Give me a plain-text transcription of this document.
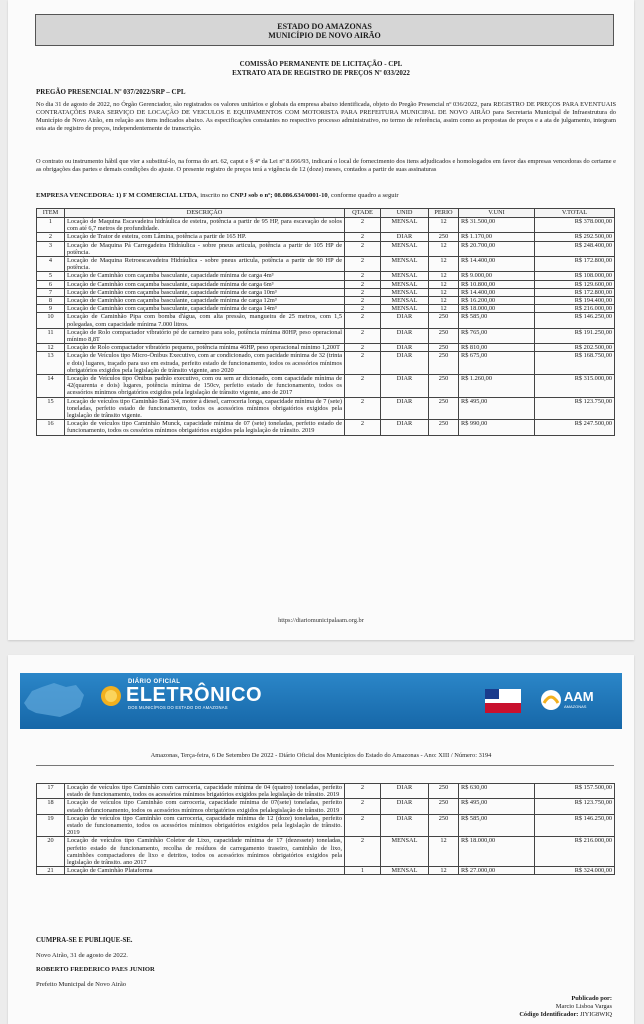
ESTADO DO AMAZONAS
MUNICÍPIO DE NOVO AIRÃO
COMISSÃO PERMANENTE DE LICITAÇÃO - CPL
EXTRATO ATA DE REGISTRO DE PREÇOS Nº 033/2022
PREGÃO PRESENCIAL Nº 037/2022/SRP – CPL
No dia 31 de agosto de 2022, no Órgão Gerenciador, são registrados os valores unitários e globais da empresa abaixo identificada, objeto do Pregão Presencial nº 036/2022, para REGISTRO DE PREÇOS PARA EVENTUAIS CONTRATAÇÕES PARA SERVIÇO DE LOCAÇÃO DE VEICULOS E EQUIPAMENTOS COM MOTORISTA PARA PREFEITURA MUNICIPAL DE NOVO AIRÃO para Secretaria Municipal de Infraestrutura do Município de Novo Airão, em relação aos itens indicados abaixo. As especificações constantes no respectivo processo administrativo, no termo de referência, assim como as propostas de preços e a ata de julgamento, integram esta ata de registro de preços, independentemente de transcrição.
O contrato ou instrumento hábil que vier a substituí-lo, na forma do art. 62, caput e § 4º da Lei nº 8.666/93, indicará o local de fornecimento dos itens adjudicados e homologados em favor das empresas vencedoras do certame e as obrigações das partes e demais condições do ajuste. O presente registro de preços terá a vigência de 12 (doze) meses, contados a partir de suas assinaturas
EMPRESA VENCEDORA: 1) F M COMERCIAL LTDA, inscrito no CNPJ sob o nº; 08.086.634/0001-10, conforme quadro a seguir
ITEM	DESCRIÇÃO	QTADE	UNID	PERIO	V.UNI	V.TOTAL
1	Locação de Maquina Escavadeira hidráulica de esteira, potência a partir de 95 HP, para escavação de solos com até 6,7 metros de profundidade.	2	MENSAL	12	R$ 31.500,00	R$ 378.000,00
2	Locação de Trator de esteira, com Lâmina, potência a partir de 165 HP.	2	DIAR	250	R$ 1.170,00	R$ 292.500,00
3	Locação de Maquina Pá Carregadeira Hidráulica - sobre pneus articula, potência a partir de 105 HP de potência.	2	MENSAL	12	R$ 20.700,00	R$ 248.400,00
4	Locação de Maquina Retroescavadeira Hidráulica - sobre pneus articula, potência a partir de 90 HP de potência.	2	MENSAL	12	R$ 14.400,00	R$ 172.800,00
5	Locação de Caminhão com caçamba basculante, capacidade mínima de carga 4m³	2	MENSAL	12	R$ 9.000,00	R$ 108.000,00
6	Locação de Caminhão com caçamba basculante, capacidade mínima de carga 6m³	2	MENSAL	12	R$ 10.800,00	R$ 129.600,00
7	Locação de Caminhão com caçamba basculante, capacidade mínima de carga 10m³	2	MENSAL	12	R$ 14.400,00	R$ 172.800,00
8	Locação de Caminhão com caçamba basculante, capacidade mínima de carga 12m³	2	MENSAL	12	R$ 16.200,00	R$ 194.400,00
9	Locação de Caminhão com caçamba basculante, capacidade mínima de carga 14m³	2	MENSAL	12	R$ 18.000,00	R$ 216.000,00
10	Locação de Caminhão Pipa com bomba d'água, com alta pressão, mangueira de 25 metros, com 1,5 polegadas, com capacidade mínima 7.000 litros.	2	DIAR	250	R$ 585,00	R$ 146.250,00
11	Locação de Rolo compactador vibratório pé de carneiro para solo, potência mínima 80HP, peso operacional mínimo 8,8T	2	DIAR	250	R$ 765,00	R$ 191.250,00
12	Locação de Rolo compactador vibratório pequeno, potência mínima 46HP, peso operacional mínimo 1,200T	2	DIAR	250	R$ 810,00	R$ 202.500,00
13	Locação de Veículos tipo Micro-Ônibus Executivo, com ar condicionado, com pacidade mínima de 32 (trinta e dois) lugares, traçado para uso em estrada, perfeito estado de funcionamento, todos os acessórios mínimos obrigatórios exigidos pela legislação de trânsito vigente, ano 2020	2	DIAR	250	R$ 675,00	R$ 168.750,00
14	Locação de Veículos tipo Ônibus padrão executivo, com ou sem ar dicionado, com capacidade mínima de 42(quarenta e dois) lugares, potência mínima de 150cv, perfeito estado de funcionamento, todos os acessórios mínimos obrigatórios exigidos pela legislação de trânsito vigente, ano de 2017	2	DIAR	250	R$ 1.260,00	R$ 315.000,00
15	Locação de veículos tipo Caminhão Baú 3/4, motor à diesel, carroceria longa, capacidade mínima de 7 (sete) toneladas, perfeito estado de funcionamento, todos os acessórios mínimos obrigatórios exigidos pela legislação de trânsito vigente.	2	DIAR	250	R$ 495,00	R$ 123.750,00
16	Locação de veículos tipo Caminhão Munck, capacidade mínima de 07 (sete) toneladas, perfeito estado de funcionamento, todos os cessórios mínimos obrigatórios exigidos pela legislação de trânsito. 2019	2	DIAR	250	R$ 990,00	R$ 247.500,00
https://diariomunicipalaam.org.br
DIÁRIO OFICIAL
ELETRÔNICO
DOS MUNICÍPIOS DO ESTADO DO AMAZONAS
AAM
AMAZONAS
Amazonas, Terça-feira, 6 De Setembro De 2022 - Diário Oficial dos Municípios do Estado do Amazonas - Ano: XIII / Número: 3194
17	Locação de veículos tipo Caminhão com carroceria, capacidade mínima de 04 (quatro) toneladas, perfeito estado de funcionamento, todos os acessórios mínimos brigatórios exigidos pela legislação de trânsito. 2019	2	DIAR	250	R$ 630,00	R$ 157.500,00
18	Locação de veículos tipo Caminhão com carroceria, capacidade mínima de 07(sete) toneladas, perfeito estado defuncionamento, todos os acessórios mínimos obrigatórios exigidos pelalegislação de trânsito. 2019	2	DIAR	250	R$ 495,00	R$ 123.750,00
19	Locação de veículos tipo Caminhão com carroceria, capacidade mínima de 12 (doze) toneladas, perfeito estado de funcionamento, todos os acessórios mínimos obrigatórios exigidos pela legislação de trânsito. 2019	2	DIAR	250	R$ 585,00	R$ 146.250,00
20	Locação de veículos tipo Caminhão Coletor de Lixo, capacidade mínima de 17 (dezessete) toneladas, perfeito estado de funcionamento, recolha de resíduos de carregamento traseiro, caminhão de lixo, caminhões compactadores de lixo e detritos, todos os acessórios mínimos obrigatórios exigidos pela legislação de trânsito. ano 2017	2	MENSAL	12	R$ 18.000,00	R$ 216.000,00
21	Locação de Caminhão Plataforma	1	MENSAL	12	R$ 27.000,00	R$ 324.000,00
CUMPRA-SE E PUBLIQUE-SE.
Novo Airão, 31 de agosto de 2022.
ROBERTO FREDERICO PAES JUNIOR
Prefeito Municipal de Novo Airão
Publicado por:
Marcio Lisboa Vargas
Código Identificador: JIYIG8WIQ
